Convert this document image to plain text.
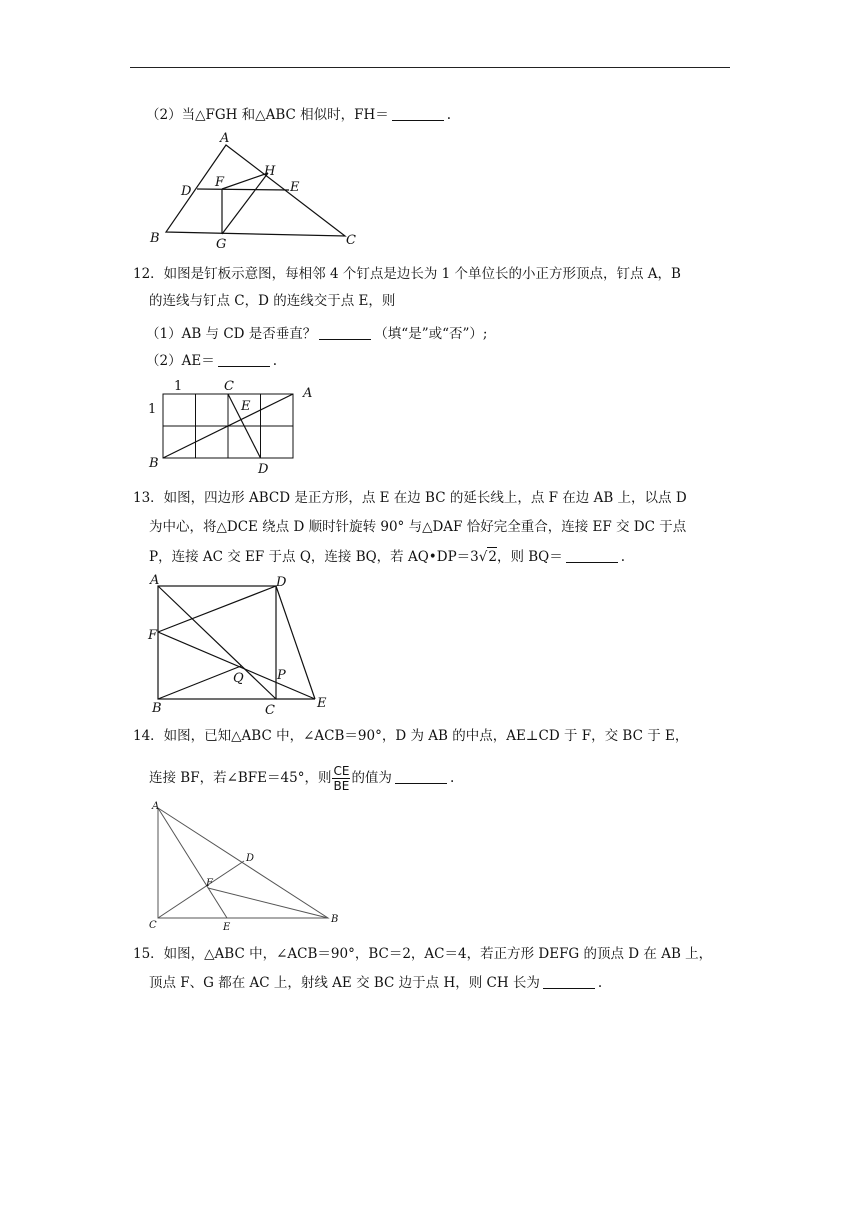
（2）当△FGH 和△ABC 相似时，FH＝	.
A
B	C
D	E
F
G
H
12．如图是钉板示意图，每相邻 4 个钉点是边长为 1 个单位长的小正方形顶点，钉点 A，B
的连线与钉点 C，D 的连线交于点 E，则
（1）AB 与 CD 是否垂直？	（填“是”或“否”）;
（2）AE＝	.
1
1
C	A
E
B	D
13．如图，四边形 ABCD 是正方形，点 E 在边 BC 的延长线上，点 F 在边 AB 上，以点 D
为中心，将△DCE 绕点 D 顺时针旋转 90° 与△DAF 恰好完全重合，连接 EF 交 DC 于点
P，连接 AC 交 EF 于点 Q，连接 BQ，若 AQ•DP＝3√2，则 BQ＝	.
A	D
F
Q	P
B	C	E
14．如图，已知△ABC 中，∠ACB＝90°，D 为 AB 的中点，AE⊥CD 于 F，交 BC 于 E，
连接 BF，若∠BFE＝45°，则 $\frac{CE}{BE}$ 的值为	.
A
D
F
C	E
B
15．如图，△ABC 中，∠ACB＝90°，BC＝2，AC＝4，若正方形 DEFG 的顶点 D 在 AB 上，
顶点 F、G 都在 AC 上，射线 AE 交 BC 边于点 H，则 CH 长为	.
